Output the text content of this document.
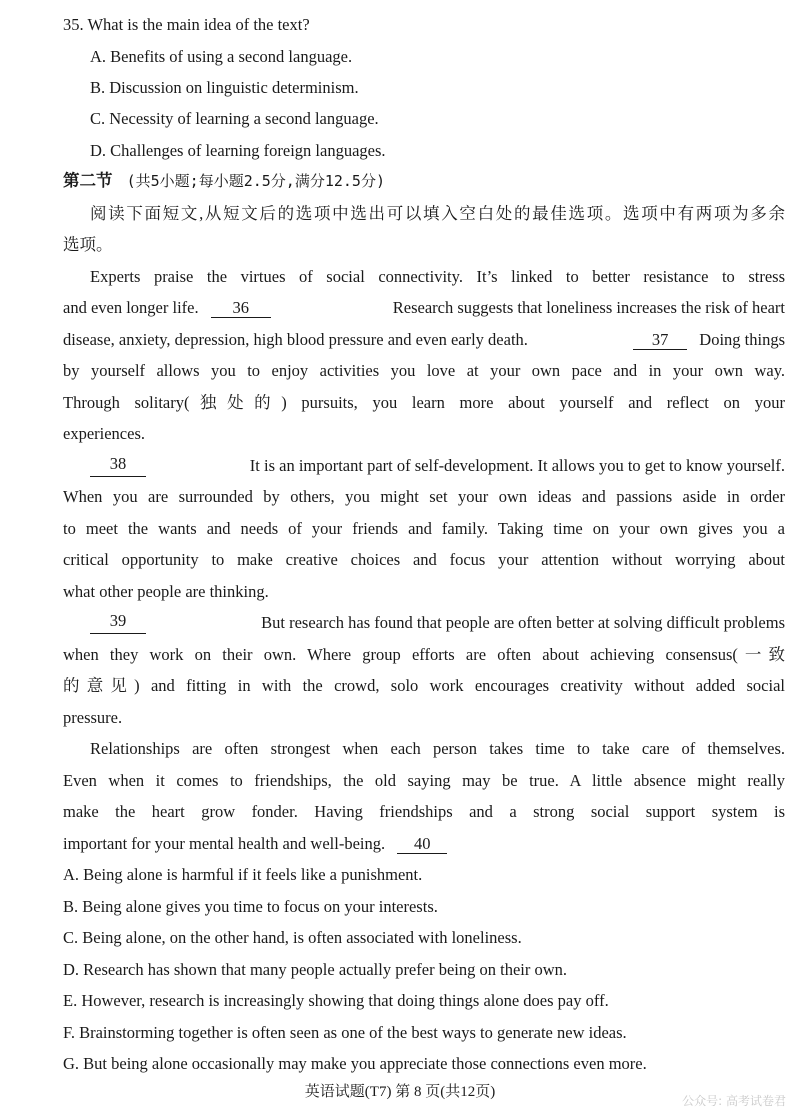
35. What is the main idea of the text?
A. Benefits of using a second language.
B. Discussion on linguistic determinism.
C. Necessity of learning a second language.
D. Challenges of learning foreign languages.
第二节 (共5小题;每小题2.5分,满分12.5分)
阅读下面短文,从短文后的选项中选出可以填入空白处的最佳选项。选项中有两项为多余
选项。
Experts praise the virtues of social connectivity. It’s linked to better resistance to stress
and even longer life. 36	Research suggests that loneliness increases the risk of heart
disease, anxiety, depression, high blood pressure and even early death.	37 Doing things
by yourself allows you to enjoy activities you love at your own pace and in your own way.
Through solitary(独处的) pursuits, you learn more about yourself and reflect on your
experiences.
38	It is an important part of self-development. It allows you to get to know yourself.
When you are surrounded by others, you might set your own ideas and passions aside in order
to meet the wants and needs of your friends and family. Taking time on your own gives you a
critical opportunity to make creative choices and focus your attention without worrying about
what other people are thinking.
39	But research has found that people are often better at solving difficult problems
when they work on their own. Where group efforts are often about achieving consensus(一致
的意见) and fitting in with the crowd, solo work encourages creativity without added social
pressure.
Relationships are often strongest when each person takes time to take care of themselves.
Even when it comes to friendships, the old saying may be true. A little absence might really
make the heart grow fonder. Having friendships and a strong social support system is
important for your mental health and well-being. 40
A. Being alone is harmful if it feels like a punishment.
B. Being alone gives you time to focus on your interests.
C. Being alone, on the other hand, is often associated with loneliness.
D. Research has shown that many people actually prefer being on their own.
E. However, research is increasingly showing that doing things alone does pay off.
F. Brainstorming together is often seen as one of the best ways to generate new ideas.
G. But being alone occasionally may make you appreciate those connections even more.
英语试题(T7) 第 8 页(共12页)
公众号: 高考试卷君
